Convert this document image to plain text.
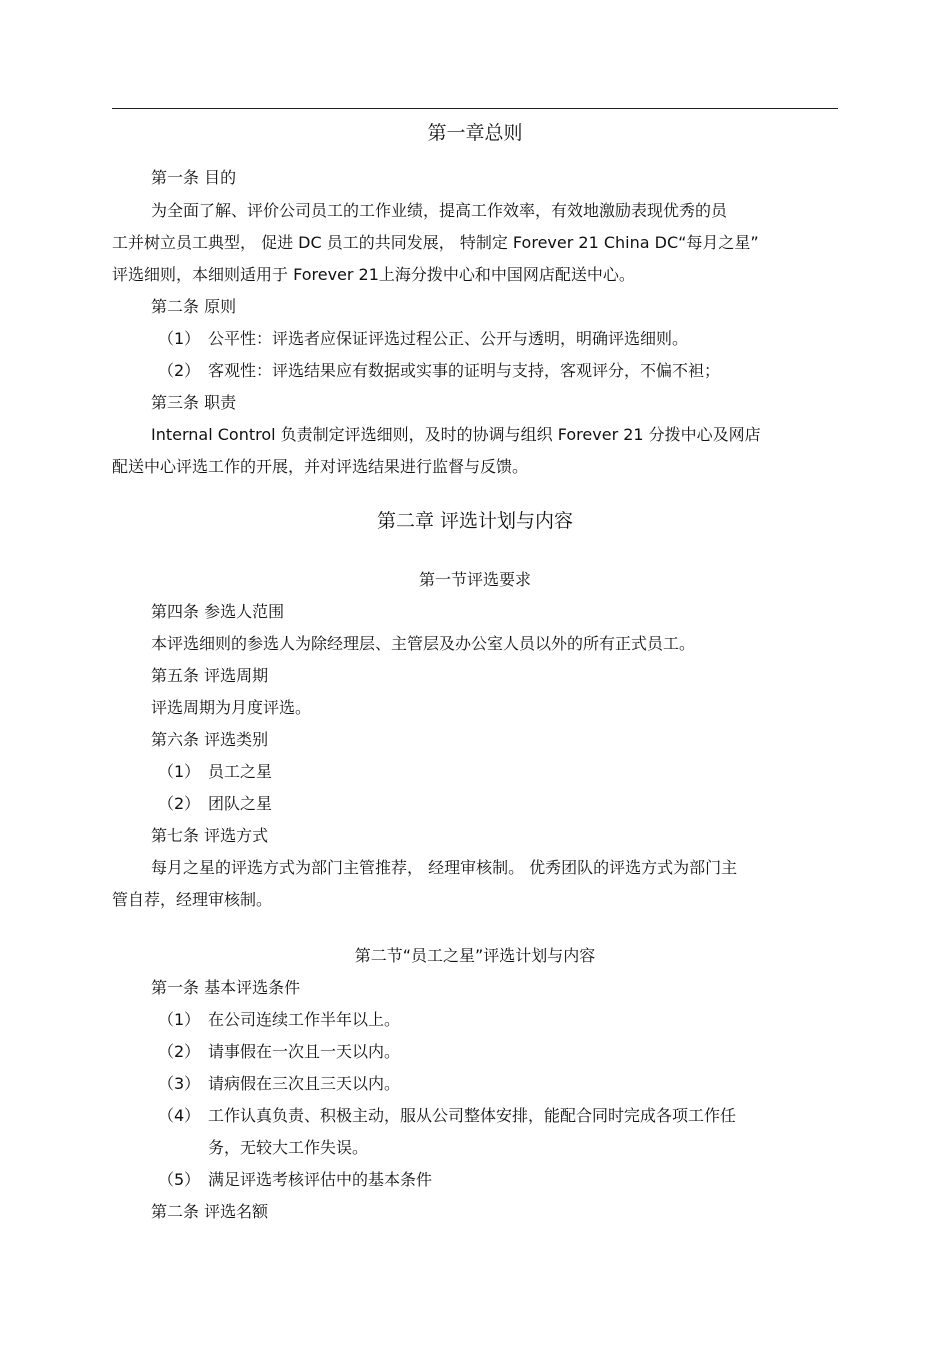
第一章总则
第一条 目的
为全面了解、评价公司员工的工作业绩，提高工作效率，有效地激励表现优秀的员
工并树立员工典型， 促进 DC 员工的共同发展， 特制定 Forever 21 China DC“每月之星”
评选细则，本细则适用于 Forever 21上海分拨中心和中国网店配送中心。
第二条 原则
（1） 公平性：评选者应保证评选过程公正、公开与透明，明确评选细则。
（2） 客观性：评选结果应有数据或实事的证明与支持，客观评分，不偏不袒；
第三条 职责
Internal Control 负责制定评选细则，及时的协调与组织 Forever 21 分拨中心及网店
配送中心评选工作的开展，并对评选结果进行监督与反馈。
第二章 评选计划与内容
第一节评选要求
第四条 参选人范围
本评选细则的参选人为除经理层、主管层及办公室人员以外的所有正式员工。
第五条 评选周期
评选周期为月度评选。
第六条 评选类别
（1） 员工之星
（2） 团队之星
第七条 评选方式
每月之星的评选方式为部门主管推荐， 经理审核制。 优秀团队的评选方式为部门主
管自荐，经理审核制。
第二节“员工之星”评选计划与内容
第一条 基本评选条件
（1） 在公司连续工作半年以上。
（2） 请事假在一次且一天以内。
（3） 请病假在三次且三天以内。
（4） 工作认真负责、积极主动，服从公司整体安排，能配合同时完成各项工作任
务，无较大工作失误。
（5） 满足评选考核评估中的基本条件
第二条 评选名额
